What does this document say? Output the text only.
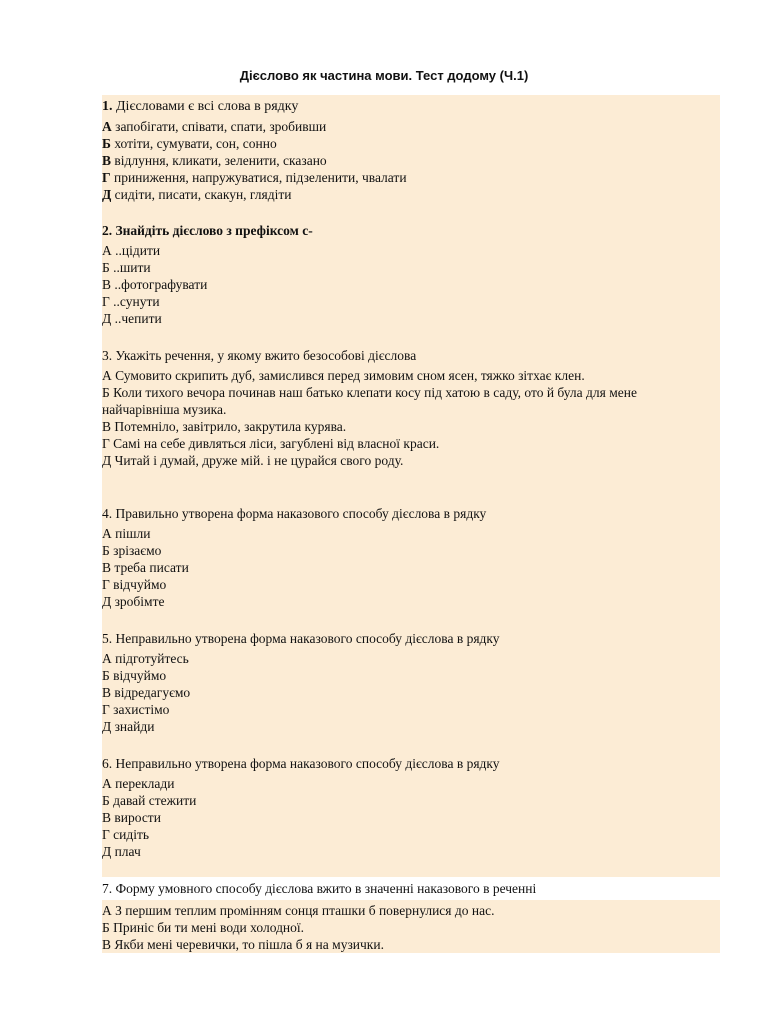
Дієслово як частина мови. Тест додому (Ч.1)
1. Дієсловами є всі слова в рядку
А запобігати, співати, спати, зробивши
Б хотіти, сумувати, сон, сонно
В відлуння, кликати, зеленити, сказано
Г приниження, напружуватися, підзеленити, чвалати
Д сидіти, писати, скакун, глядіти
2. Знайдіть дієслово з префіксом с-
А ..цідити
Б ..шити
В ..фотографувати
Г ..сунути
Д ..чепити
3. Укажіть речення, у якому вжито безособові дієслова
А Сумовито скрипить дуб, замислився перед зимовим сном ясен, тяжко зітхає клен.
Б Коли тихого вечора починав наш батько клепати косу під хатою в саду, ото й була для мене найчарівніша музика.
В Потемніло, завітрило, закрутила курява.
Г Самі на себе дивляться ліси, загублені від власної краси.
Д Читай і думай, друже мій. і не цурайся свого роду.
4. Правильно утворена форма наказового способу дієслова в рядку
А пішли
Б зрізаємо
В треба писати
Г відчуймо
Д зробімте
5. Неправильно утворена форма наказового способу дієслова в рядку
А підготуйтесь
Б відчуймо
В відредагуємо
Г захистімо
Д знайди
6. Неправильно утворена форма наказового способу дієслова в рядку
А переклади
Б давай стежити
В вирости
Г сидіть
Д плач
7. Форму умовного способу дієслова вжито в значенні наказового в реченні
А З першим теплим промінням сонця пташки б повернулися до нас.
Б Приніс би ти мені води холодної.
В Якби мені черевички, то пішла б я на музички.
